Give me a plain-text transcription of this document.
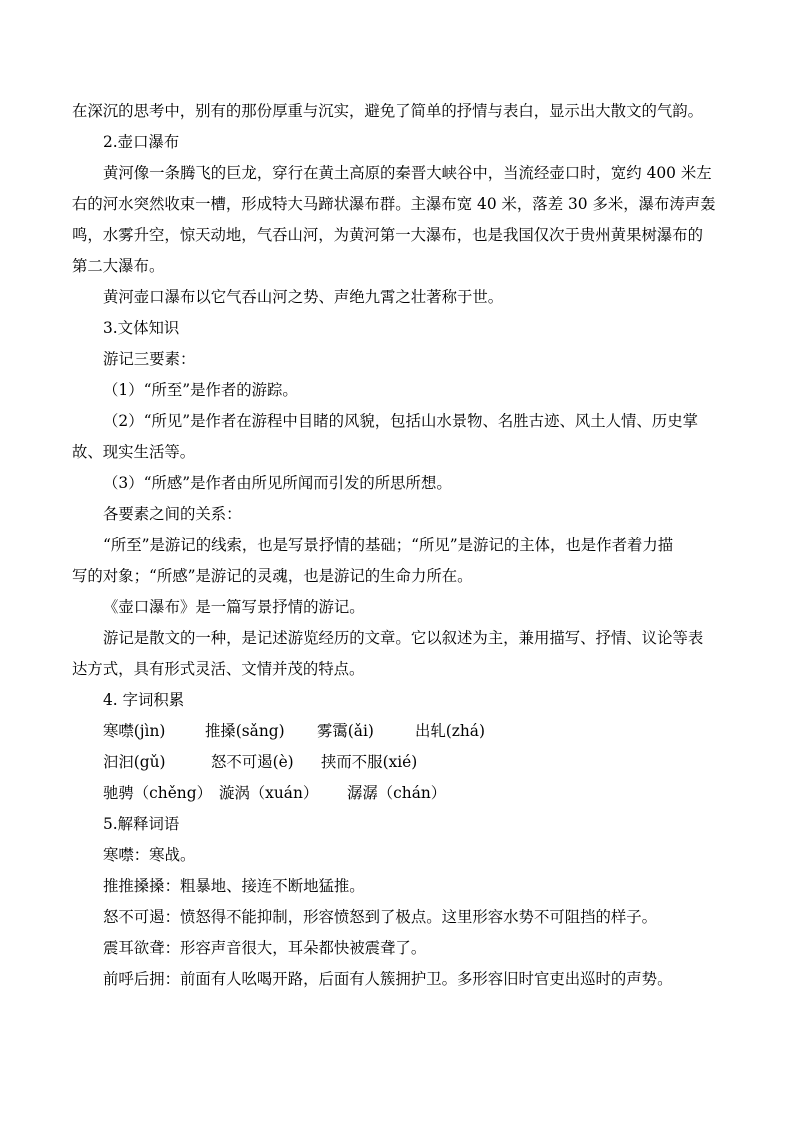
在深沉的思考中，别有的那份厚重与沉实，避免了简单的抒情与表白，显示出大散文的气韵。
2.壶口瀑布
黄河像一条腾飞的巨龙，穿行在黄土高原的秦晋大峡谷中，当流经壶口时，宽约 400 米左
右的河水突然收束一槽，形成特大马蹄状瀑布群。主瀑布宽 40 米，落差 30 多米，瀑布涛声轰
鸣，水雾升空，惊天动地，气吞山河，为黄河第一大瀑布，也是我国仅次于贵州黄果树瀑布的
第二大瀑布。
黄河壶口瀑布以它气吞山河之势、声绝九霄之壮著称于世。
3.文体知识
游记三要素：
（1）“所至”是作者的游踪。
（2）“所见”是作者在游程中目睹的风貌，包括山水景物、名胜古迹、风土人情、历史掌
故、现实生活等。
（3）“所感”是作者由所见所闻而引发的所思所想。
各要素之间的关系：
“所至”是游记的线索，也是写景抒情的基础；“所见”是游记的主体，也是作者着力描
写的对象；“所感”是游记的灵魂，也是游记的生命力所在。
《壶口瀑布》是一篇写景抒情的游记。
游记是散文的一种，是记述游览经历的文章。它以叙述为主，兼用描写、抒情、议论等表
达方式，具有形式灵活、文情并茂的特点。
4. 字词积累
寒噤(jìn)	推搡(sǎng) 雾霭(ǎi)	出轧(zhá)
汩汩(gǔ)	怒不可遏(è) 挟而不服(xié)
驰骋（chěng） 漩涡（xuán） 潺潺（chán）
5.解释词语
寒噤：寒战。
推推搡搡：粗暴地、接连不断地猛推。
怒不可遏：愤怒得不能抑制，形容愤怒到了极点。这里形容水势不可阻挡的样子。
震耳欲聋：形容声音很大，耳朵都快被震聋了。
前呼后拥：前面有人吆喝开路，后面有人簇拥护卫。多形容旧时官吏出巡时的声势。
